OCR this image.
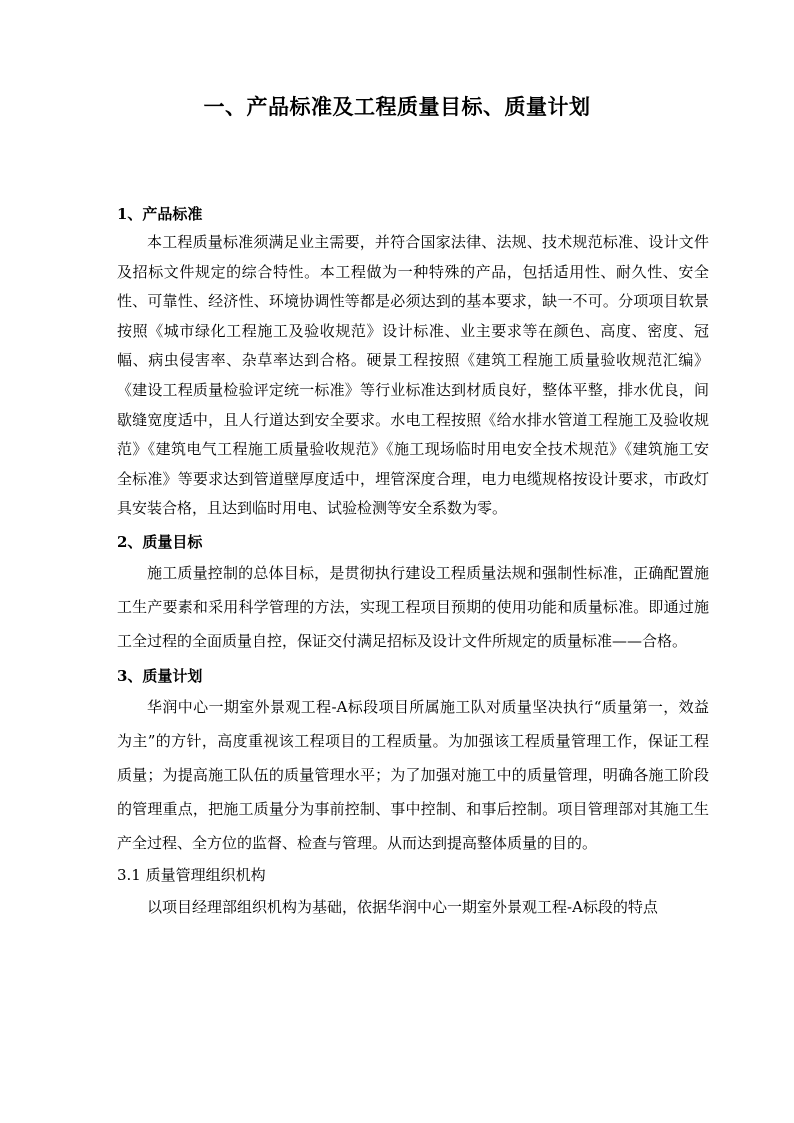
一、产品标准及工程质量目标、质量计划
1、产品标准

本工程质量标准须满足业主需要，并符合国家法律、法规、技术规范标准、设计文件及招标文件规定的综合特性。本工程做为一种特殊的产品，包括适用性、耐久性、安全性、可靠性、经济性、环境协调性等都是必须达到的基本要求，缺一不可。分项项目软景按照《城市绿化工程施工及验收规范》设计标准、业主要求等在颜色、高度、密度、冠幅、病虫侵害率、杂草率达到合格。硬景工程按照《建筑工程施工质量验收规范汇编》《建设工程质量检验评定统一标准》等行业标准达到材质良好，整体平整，排水优良，间歇缝宽度适中，且人行道达到安全要求。水电工程按照《给水排水管道工程施工及验收规范》《建筑电气工程施工质量验收规范》《施工现场临时用电安全技术规范》《建筑施工安全标准》等要求达到管道壁厚度适中，埋管深度合理，电力电缆规格按设计要求，市政灯具安装合格，且达到临时用电、试验检测等安全系数为零。

2、质量目标

施工质量控制的总体目标，是贯彻执行建设工程质量法规和强制性标准，正确配置施工生产要素和采用科学管理的方法，实现工程项目预期的使用功能和质量标准。即通过施工全过程的全面质量自控，保证交付满足招标及设计文件所规定的质量标准——合格。

3、质量计划

华润中心一期室外景观工程-A标段项目所属施工队对质量坚决执行“质量第一，效益为主”的方针，高度重视该工程项目的工程质量。为加强该工程质量管理工作，保证工程质量；为提高施工队伍的质量管理水平；为了加强对施工中的质量管理，明确各施工阶段的管理重点，把施工质量分为事前控制、事中控制、和事后控制。项目管理部对其施工生产全过程、全方位的监督、检查与管理。从而达到提高整体质量的目的。

3.1 质量管理组织机构

以项目经理部组织机构为基础，依据华润中心一期室外景观工程-A标段的特点
